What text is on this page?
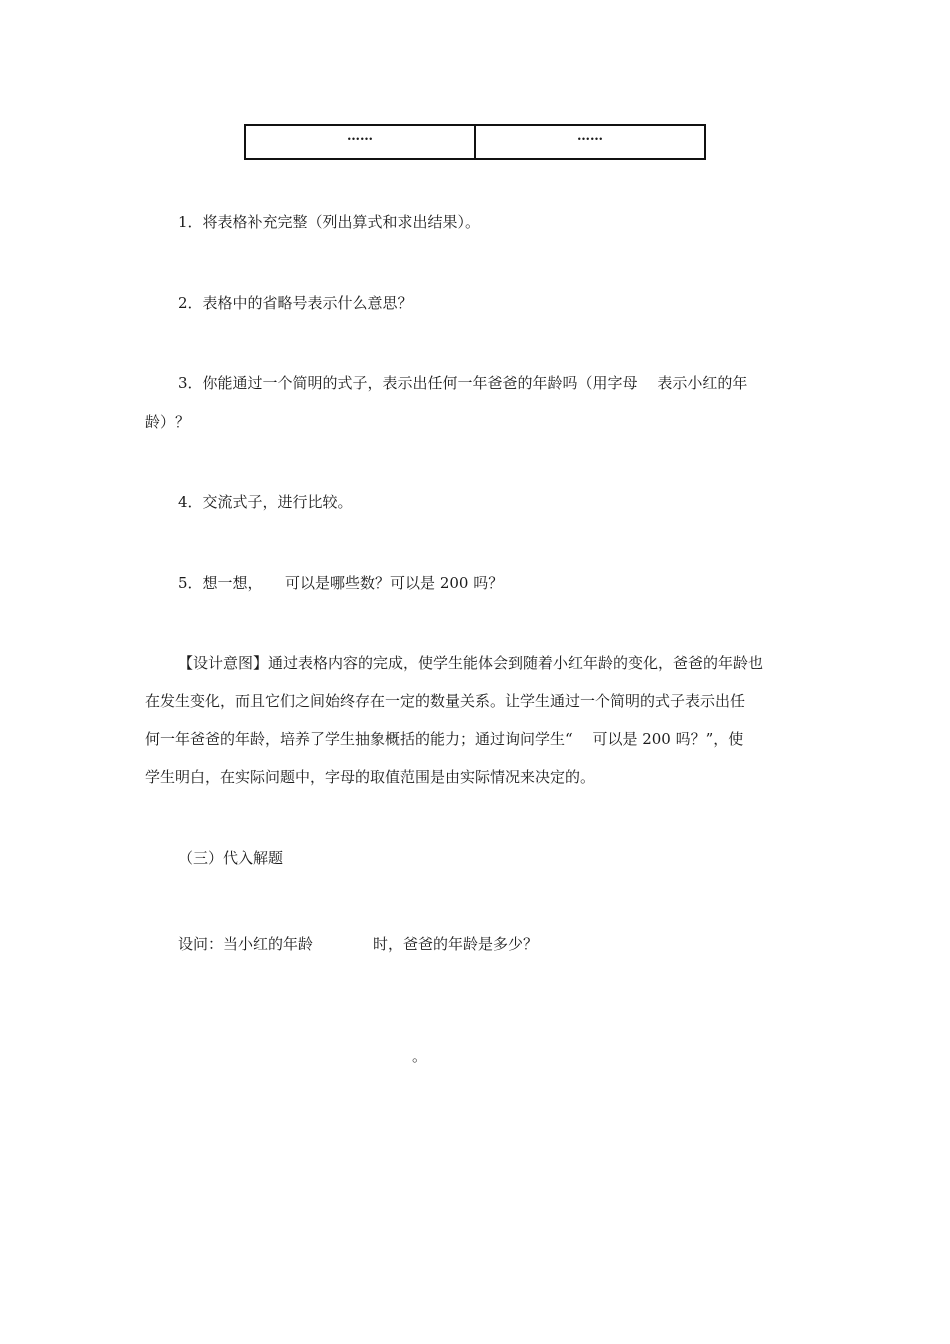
……	……
1．将表格补充完整（列出算式和求出结果）。
2．表格中的省略号表示什么意思？
3．你能通过一个简明的式子，表示出任何一年爸爸的年龄吗（用字母　 表示小红的年
龄）？
4．交流式子，进行比较。
5．想一想，　　可以是哪些数？可以是 200 吗？
【设计意图】通过表格内容的完成，使学生能体会到随着小红年龄的变化，爸爸的年龄也
在发生变化，而且它们之间始终存在一定的数量关系。让学生通过一个简明的式子表示出任
何一年爸爸的年龄，培养了学生抽象概括的能力；通过询问学生“　 可以是 200 吗？”，使
学生明白，在实际问题中，字母的取值范围是由实际情况来决定的。
（三）代入解题
设问：当小红的年龄　　　　时，爸爸的年龄是多少？
。
